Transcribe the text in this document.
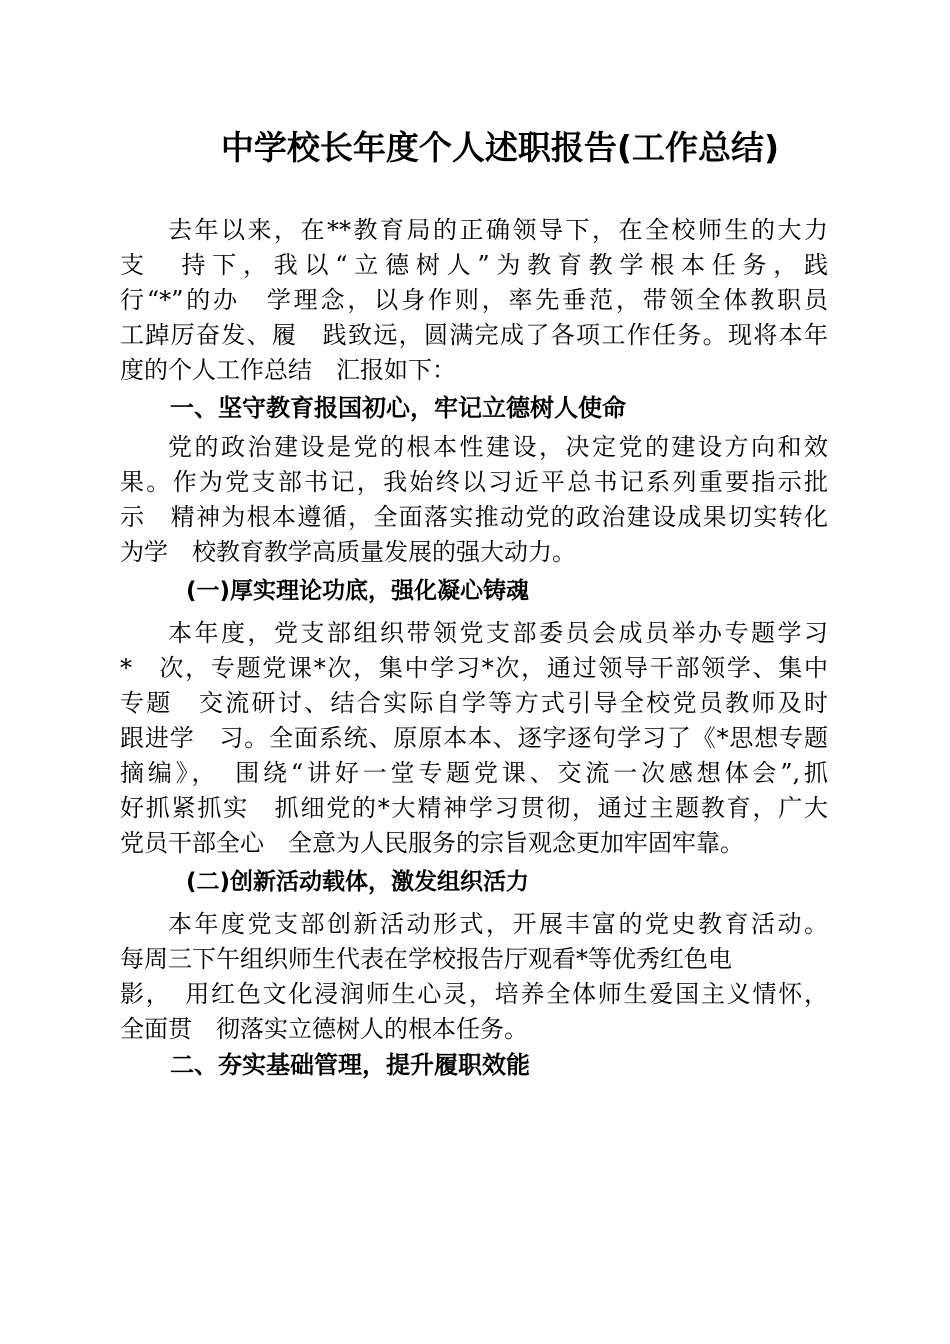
中学校长年度个人述职报告(工作总结)
去年以来，在**教育局的正确领导下，在全校师生的大力
支　持下，我以“立德树人”为教育教学根本任务，践
行“*”的办　学理念，以身作则，率先垂范，带领全体教职员
工踔厉奋发、履　践致远，圆满完成了各项工作任务。现将本年
度的个人工作总结　汇报如下：
一、坚守教育报国初心，牢记立德树人使命
党的政治建设是党的根本性建设，决定党的建设方向和效
果。作为党支部书记，我始终以习近平总书记系列重要指示批
示　精神为根本遵循，全面落实推动党的政治建设成果切实转化
为学　校教育教学高质量发展的强大动力。
(一)厚实理论功底，强化凝心铸魂
本年度，党支部组织带领党支部委员会成员举办专题学习
*　次，专题党课*次，集中学习*次，通过领导干部领学、集中
专题　交流研讨、结合实际自学等方式引导全校党员教师及时
跟进学　习。全面系统、原原本本、逐字逐句学习了《*思想专题
摘编》，　围绕“讲好一堂专题党课、交流一次感想体会”,抓
好抓紧抓实　抓细党的*大精神学习贯彻，通过主题教育，广大
党员干部全心　全意为人民服务的宗旨观念更加牢固牢靠。
(二)创新活动载体，激发组织活力
本年度党支部创新活动形式，开展丰富的党史教育活动。
每周三下午组织师生代表在学校报告厅观看*等优秀红色电
影，　用红色文化浸润师生心灵，培养全体师生爱国主义情怀，
全面贯　彻落实立德树人的根本任务。
二、夯实基础管理，提升履职效能
